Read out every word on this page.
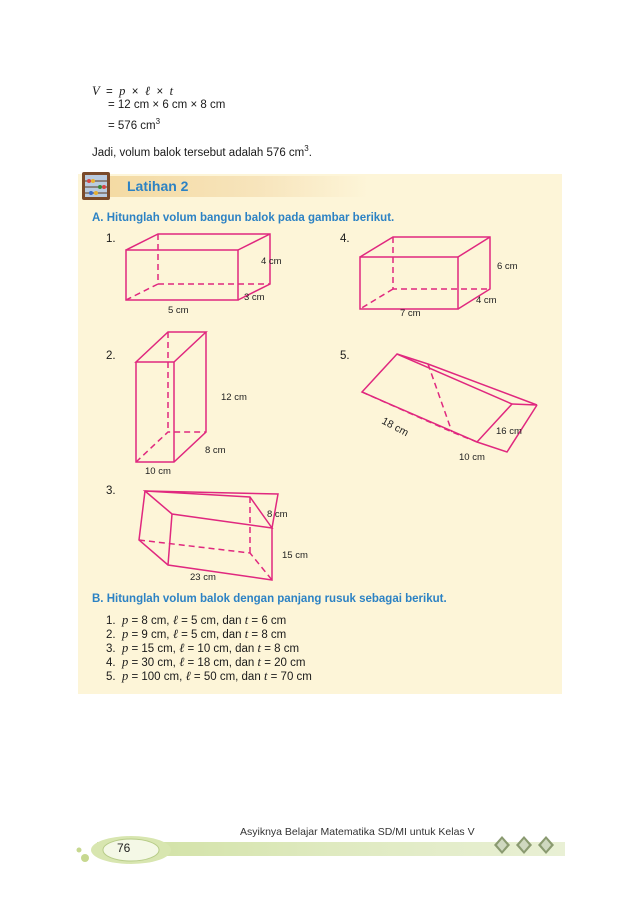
V = p × ℓ × t
= 12 cm × 6 cm × 8 cm
= 576 $cm^3$
Jadi, volum balok tersebut adalah 576 $cm^3$.
Latihan 2
A. Hitunglah volum bangun balok pada gambar berikut.
1.
2.
3.
4.
5.
4 cm
3 cm
5 cm
6 cm
4 cm
7 cm
12 cm
8 cm
10 cm
18 cm	16 cm
10 cm
8 cm
15 cm
23 cm
B. Hitunglah volum balok dengan panjang rusuk sebagai berikut.
1. p = 8 cm, ℓ = 5 cm, dan t = 6 cm
2. p = 9 cm, ℓ = 5 cm, dan t = 8 cm
3. p = 15 cm, ℓ = 10 cm, dan t = 8 cm
4. p = 30 cm, ℓ = 18 cm, dan t = 20 cm
5. p = 100 cm, ℓ = 50 cm, dan t = 70 cm
Asyiknya Belajar Matematika SD/MI untuk Kelas V
76
